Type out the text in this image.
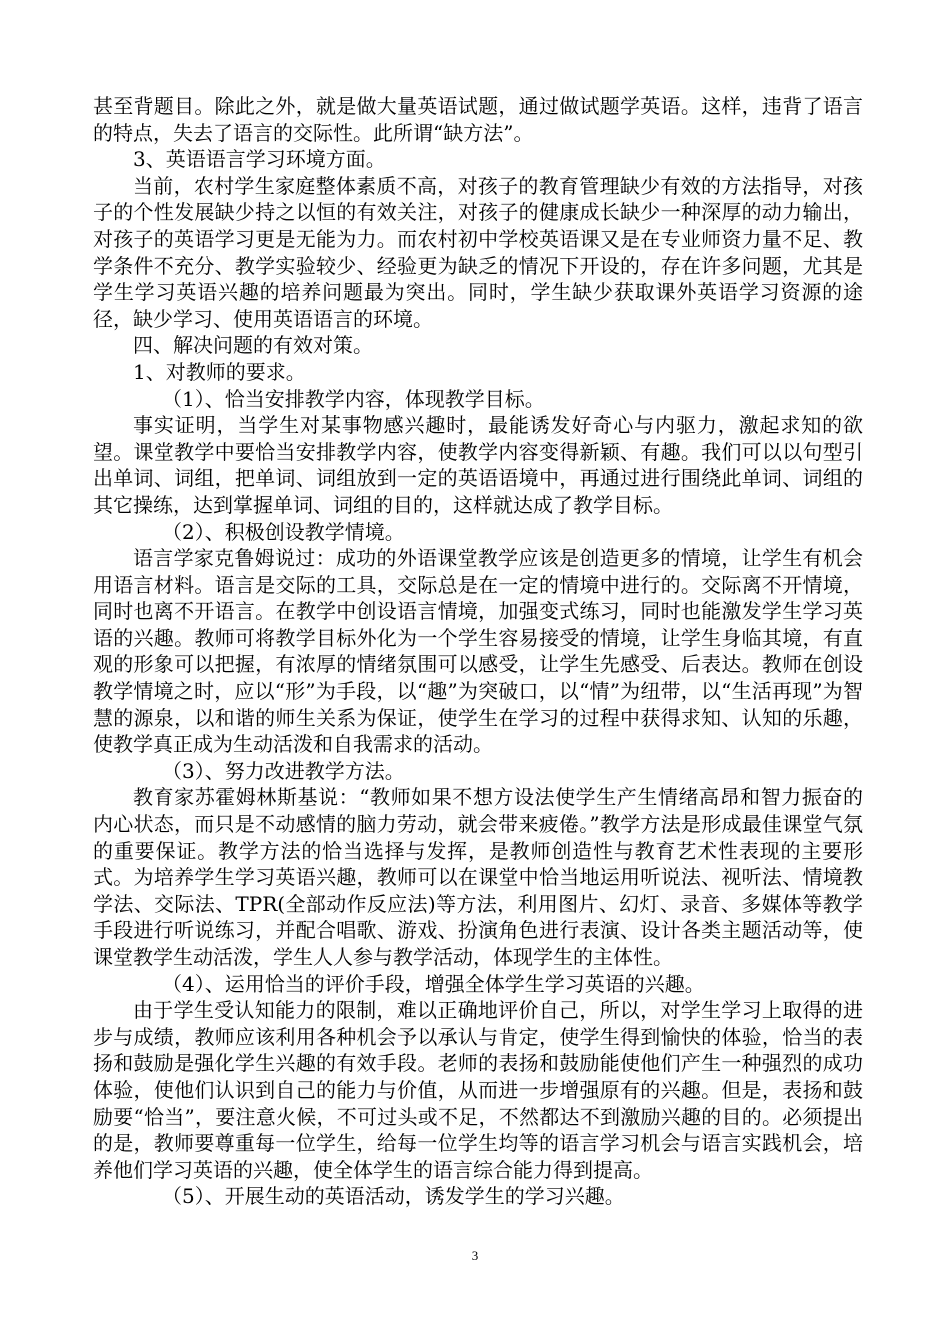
甚至背题目。除此之外，就是做大量英语试题，通过做试题学英语。这样，违背了语言的特点，失去了语言的交际性。此所谓“缺方法”。

3、英语语言学习环境方面。

当前，农村学生家庭整体素质不高，对孩子的教育管理缺少有效的方法指导，对孩子的个性发展缺少持之以恒的有效关注，对孩子的健康成长缺少一种深厚的动力输出，对孩子的英语学习更是无能为力。而农村初中学校英语课又是在专业师资力量不足、教学条件不充分、教学实验较少、经验更为缺乏的情况下开设的，存在许多问题，尤其是学生学习英语兴趣的培养问题最为突出。同时，学生缺少获取课外英语学习资源的途径，缺少学习、使用英语语言的环境。

四、解决问题的有效对策。

1、对教师的要求。

（1）、恰当安排教学内容，体现教学目标。

事实证明，当学生对某事物感兴趣时，最能诱发好奇心与内驱力，激起求知的欲望。课堂教学中要恰当安排教学内容，使教学内容变得新颖、有趣。我们可以以句型引出单词、词组，把单词、词组放到一定的英语语境中，再通过进行围绕此单词、词组的其它操练，达到掌握单词、词组的目的，这样就达成了教学目标。

（2）、积极创设教学情境。

语言学家克鲁姆说过：成功的外语课堂教学应该是创造更多的情境，让学生有机会用语言材料。语言是交际的工具，交际总是在一定的情境中进行的。交际离不开情境，同时也离不开语言。在教学中创设语言情境，加强变式练习，同时也能激发学生学习英语的兴趣。教师可将教学目标外化为一个学生容易接受的情境，让学生身临其境，有直观的形象可以把握，有浓厚的情绪氛围可以感受，让学生先感受、后表达。教师在创设教学情境之时，应以“形”为手段，以“趣”为突破口，以“情”为纽带，以“生活再现”为智慧的源泉，以和谐的师生关系为保证，使学生在学习的过程中获得求知、认知的乐趣，使教学真正成为生动活泼和自我需求的活动。

（3）、努力改进教学方法。

教育家苏霍姆林斯基说：“教师如果不想方设法使学生产生情绪高昂和智力振奋的内心状态，而只是不动感情的脑力劳动，就会带来疲倦。”教学方法是形成最佳课堂气氛的重要保证。教学方法的恰当选择与发挥，是教师创造性与教育艺术性表现的主要形式。为培养学生学习英语兴趣，教师可以在课堂中恰当地运用听说法、视听法、情境教学法、交际法、TPR(全部动作反应法)等方法，利用图片、幻灯、录音、多媒体等教学手段进行听说练习，并配合唱歌、游戏、扮演角色进行表演、设计各类主题活动等，使课堂教学生动活泼，学生人人参与教学活动，体现学生的主体性。

（4）、运用恰当的评价手段，增强全体学生学习英语的兴趣。

由于学生受认知能力的限制，难以正确地评价自己，所以，对学生学习上取得的进步与成绩，教师应该利用各种机会予以承认与肯定，使学生得到愉快的体验，恰当的表扬和鼓励是强化学生兴趣的有效手段。老师的表扬和鼓励能使他们产生一种强烈的成功体验，使他们认识到自己的能力与价值，从而进一步增强原有的兴趣。但是，表扬和鼓励要“恰当”，要注意火候，不可过头或不足，不然都达不到激励兴趣的目的。必须提出的是，教师要尊重每一位学生，给每一位学生均等的语言学习机会与语言实践机会，培养他们学习英语的兴趣，使全体学生的语言综合能力得到提高。

（5）、开展生动的英语活动，诱发学生的学习兴趣。

3
